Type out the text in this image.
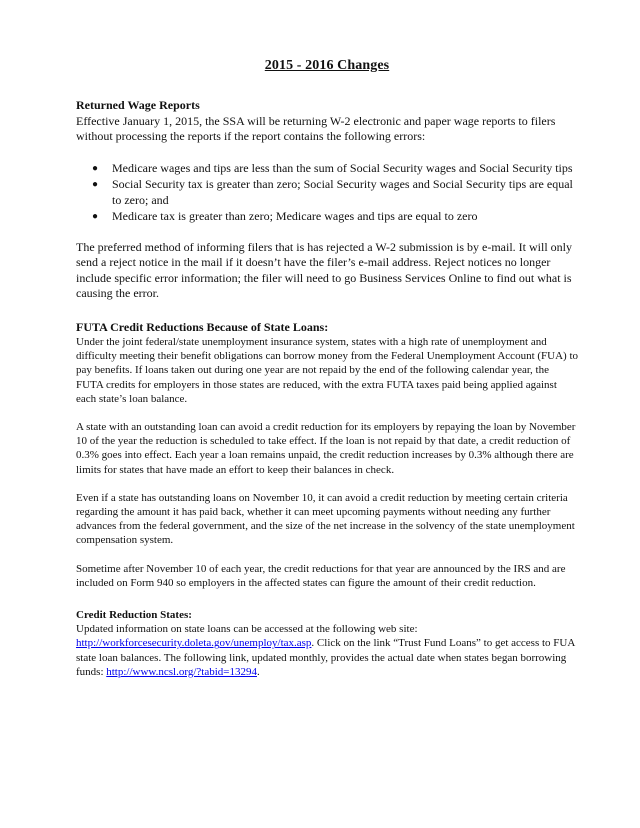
2015 - 2016 Changes
Returned Wage Reports

Effective January 1, 2015, the SSA will be returning W-2 electronic and paper wage reports to filers without processing the reports if the report contains the following errors:

● Medicare wages and tips are less than the sum of Social Security wages and Social Security tips
● Social Security tax is greater than zero; Social Security wages and Social Security tips are equal to zero; and
● Medicare tax is greater than zero; Medicare wages and tips are equal to zero

The preferred method of informing filers that is has rejected a W-2 submission is by e-mail. It will only send a reject notice in the mail if it doesn’t have the filer’s e-mail address. Reject notices no longer include specific error information; the filer will need to go Business Services Online to find out what is causing the error.

FUTA Credit Reductions Because of State Loans:

Under the joint federal/state unemployment insurance system, states with a high rate of unemployment and difficulty meeting their benefit obligations can borrow money from the Federal Unemployment Account (FUA) to pay benefits. If loans taken out during one year are not repaid by the end of the following calendar year, the FUTA credits for employers in those states are reduced, with the extra FUTA taxes paid being applied against each state’s loan balance.

A state with an outstanding loan can avoid a credit reduction for its employers by repaying the loan by November 10 of the year the reduction is scheduled to take effect. If the loan is not repaid by that date, a credit reduction of 0.3% goes into effect. Each year a loan remains unpaid, the credit reduction increases by 0.3% although there are limits for states that have made an effort to keep their balances in check.

Even if a state has outstanding loans on November 10, it can avoid a credit reduction by meeting certain criteria regarding the amount it has paid back, whether it can meet upcoming payments without needing any further advances from the federal government, and the size of the net increase in the solvency of the state unemployment compensation system.

Sometime after November 10 of each year, the credit reductions for that year are announced by the IRS and are included on Form 940 so employers in the affected states can figure the amount of their credit reduction.

Credit Reduction States:

Updated information on state loans can be accessed at the following web site:
http://workforcesecurity.doleta.gov/unemploy/tax.asp. Click on the link “Trust Fund Loans” to get access to FUA state loan balances. The following link, updated monthly, provides the actual date when states began borrowing funds: http://www.ncsl.org/?tabid=13294.
